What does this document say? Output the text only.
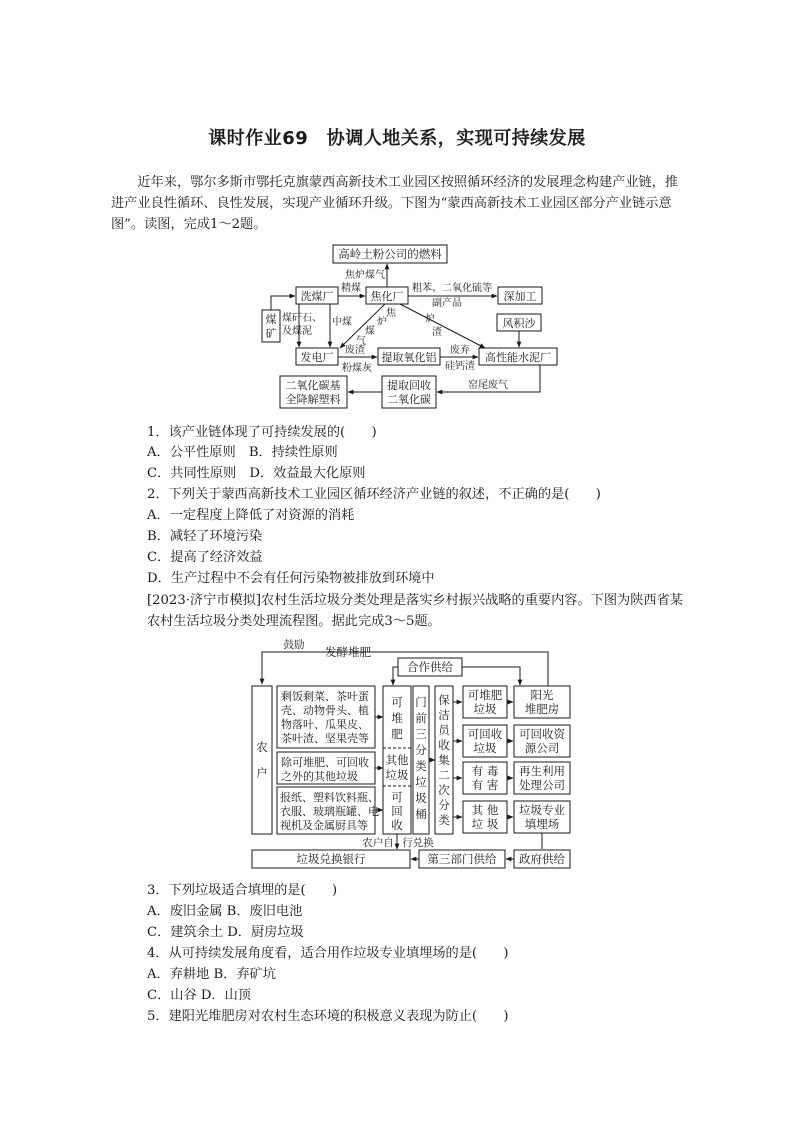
课时作业69　协调人地关系，实现可持续发展
近年来，鄂尔多斯市鄂托克旗蒙西高新技术工业园区按照循环经济的发展理念构建产业链，推进产业良性循环、良性发展，实现产业循环升级。下图为“蒙西高新技术工业园区部分产业链示意图”。读图，完成1～2题。
高岭土粉公司的燃料
煤
矿
洗煤厂	焦化厂	深加工
风积沙
发电厂	提取氧化铝	高性能水泥厂
二氧化碳基
全降解塑料
提取回收
二氧化碳
焦炉煤气
精煤	粗苯、二氧化硫等
副产品
煤矸石、
及煤泥
中煤
焦
炉
煤
气
炉
渣
废渣
粉煤灰
废弃
硅钙渣
窑尾废气
鼓励 发酵堆肥
合作供给
农
户
剩饭剩菜、茶叶蛋
壳、动物骨头、植
物落叶、瓜果皮、
茶叶渣、坚果壳等
除可堆肥、可回收
之外的其他垃圾
报纸、塑料饮料瓶、
衣服、玻璃瓶罐、电
视机及金属厨具等
可
堆
肥
其他
垃圾
可
回
收
门
前
三
分
类
垃
圾
桶
保
洁
员
收
集
二
次
分
类
可堆肥
垃圾
可回收
垃圾
有 毒
有 害
其 他
垃 圾
阳光
堆肥房
可回收资
源公司
再生利用
处理公司
垃圾专业
填埋场
垃圾兑换银行	第三部门供给 政府供给
农户自 行兑换
1．该产业链体现了可持续发展的(　　)
A．公平性原则　B．持续性原则
C．共同性原则　D．效益最大化原则
2．下列关于蒙西高新技术工业园区循环经济产业链的叙述，不正确的是(　　)
A．一定程度上降低了对资源的消耗
B．减轻了环境污染
C．提高了经济效益
D．生产过程中不会有任何污染物被排放到环境中
[2023·济宁市模拟]农村生活垃圾分类处理是落实乡村振兴战略的重要内容。下图为陕西省某农村生活垃圾分类处理流程图。据此完成3～5题。
3．下列垃圾适合填埋的是(　　)
A．废旧金属 B．废旧电池
C．建筑余土 D．厨房垃圾
4．从可持续发展角度看，适合用作垃圾专业填埋场的是(　　)
A．弃耕地 B．弃矿坑
C．山谷 D．山顶
5．建阳光堆肥房对农村生态环境的积极意义表现为防止(　　)
